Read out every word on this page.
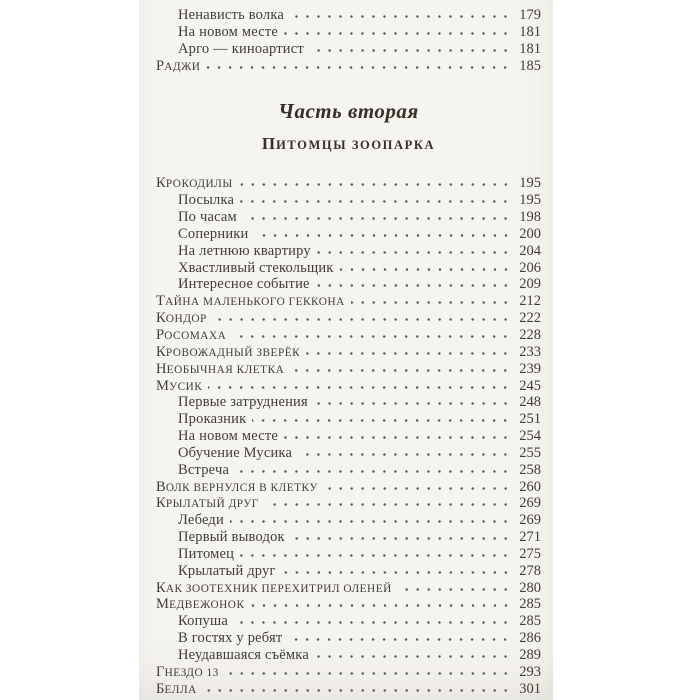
Ненависть волка	179
На новом месте	181
Арго — киноартист	181
РАДЖИ	185
Часть вторая
ПИТОМЦЫ ЗООПАРКА
КРОКОДИЛЫ	195
Посылка	195
По часам	198
Соперники	200
На летнюю квартиру	204
Хвастливый стекольщик	206
Интересное событие	209
ТАЙНА МАЛЕНЬКОГО ГЕККОНА	212
КОНДОР	222
РОСОМАХА	228
КРОВОЖАДНЫЙ ЗВЕРЁК	233
НЕОБЫЧНАЯ КЛЕТКА	239
МУСИК	245
Первые затруднения	248
Проказник	251
На новом месте	254
Обучение Мусика	255
Встреча	258
ВОЛК ВЕРНУЛСЯ В КЛЕТКУ	260
КРЫЛАТЫЙ ДРУГ	269
Лебеди	269
Первый выводок	271
Питомец	275
Крылатый друг	278
КАК ЗООТЕХНИК ПЕРЕХИТРИЛ ОЛЕНЕЙ	280
МЕДВЕЖОНОК	285
Копуша	285
В гостях у ребят	286
Неудавшаяся съёмка	289
ГНЕЗДО 13	293
БЕЛЛА	301
